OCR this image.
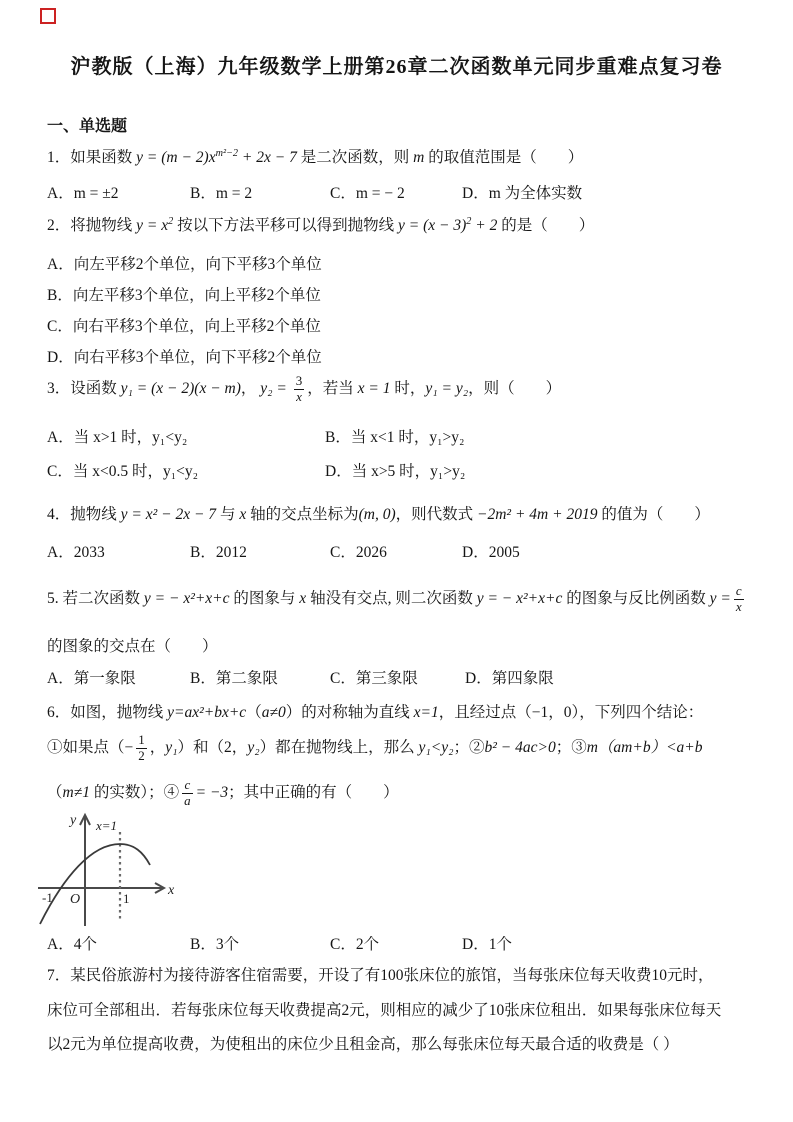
沪教版（上海）九年级数学上册第26章二次函数单元同步重难点复习卷
一、单选题
1．如果函数 $y = (m - 2)x^{m^2-2} + 2x - 7$ 是二次函数，则 m 的取值范围是（　　）
A．m = ±2	B．m = 2	C．m = − 2	D．m 为全体实数
2．将抛物线 $y = x^2$ 按以下方法平移可以得到抛物线 $y = (x - 3)^2 + 2$ 的是（　　）
A．向左平移2个单位，向下平移3个单位
B．向左平移3个单位，向上平移2个单位
C．向右平移3个单位，向上平移2个单位
D．向右平移3个单位，向下平移2个单位
3．设函数 y₁ = (x − 2)(x − m)， $y_2 = \frac{3}{x}$ ，若当 x = 1 时，y₁ = y₂，则（　　）
A．当 x>1 时，y₁<y₂	B．当 x<1 时，y₁>y₂
C．当 x<0.5 时，y₁<y₂	D．当 x>5 时，y₁>y₂
4．抛物线 y = x² − 2x − 7 与 x 轴的交点坐标为(m, 0)，则代数式 −2m² + 4m + 2019 的值为（　　）
A．2033	B．2012	C．2026	D．2005
5. 若二次函数 y = − x²+x+c 的图象与 x 轴没有交点, 则二次函数 y = − x²+x+c 的图象与反比例函数 $y = \frac{c}{x}$
的图象的交点在（　　）
A．第一象限	B．第二象限	C．第三象限	D．第四象限
6．如图，抛物线 y=ax²+bx+c（a≠0）的对称轴为直线 x=1，且经过点（−1，0），下列四个结论：
①如果点（− $\frac{1}{2}$ ，y₁）和（2，y₂）都在抛物线上，那么 y₁<y₂；②b² − 4ac>0；③m（am+b）<a+b
（m≠1 的实数）；④ $\frac{c}{a} = -3$；其中正确的有（　　）
y
x
O
-1	1
x=1
A．4个	B．3个	C．2个	D．1个
7．某民俗旅游村为接待游客住宿需要，开设了有100张床位的旅馆，当每张床位每天收费10元时，
床位可全部租出．若每张床位每天收费提高2元，则相应的减少了10张床位租出．如果每张床位每天
以2元为单位提高收费，为使租出的床位少且租金高，那么每张床位每天最合适的收费是（ ）
